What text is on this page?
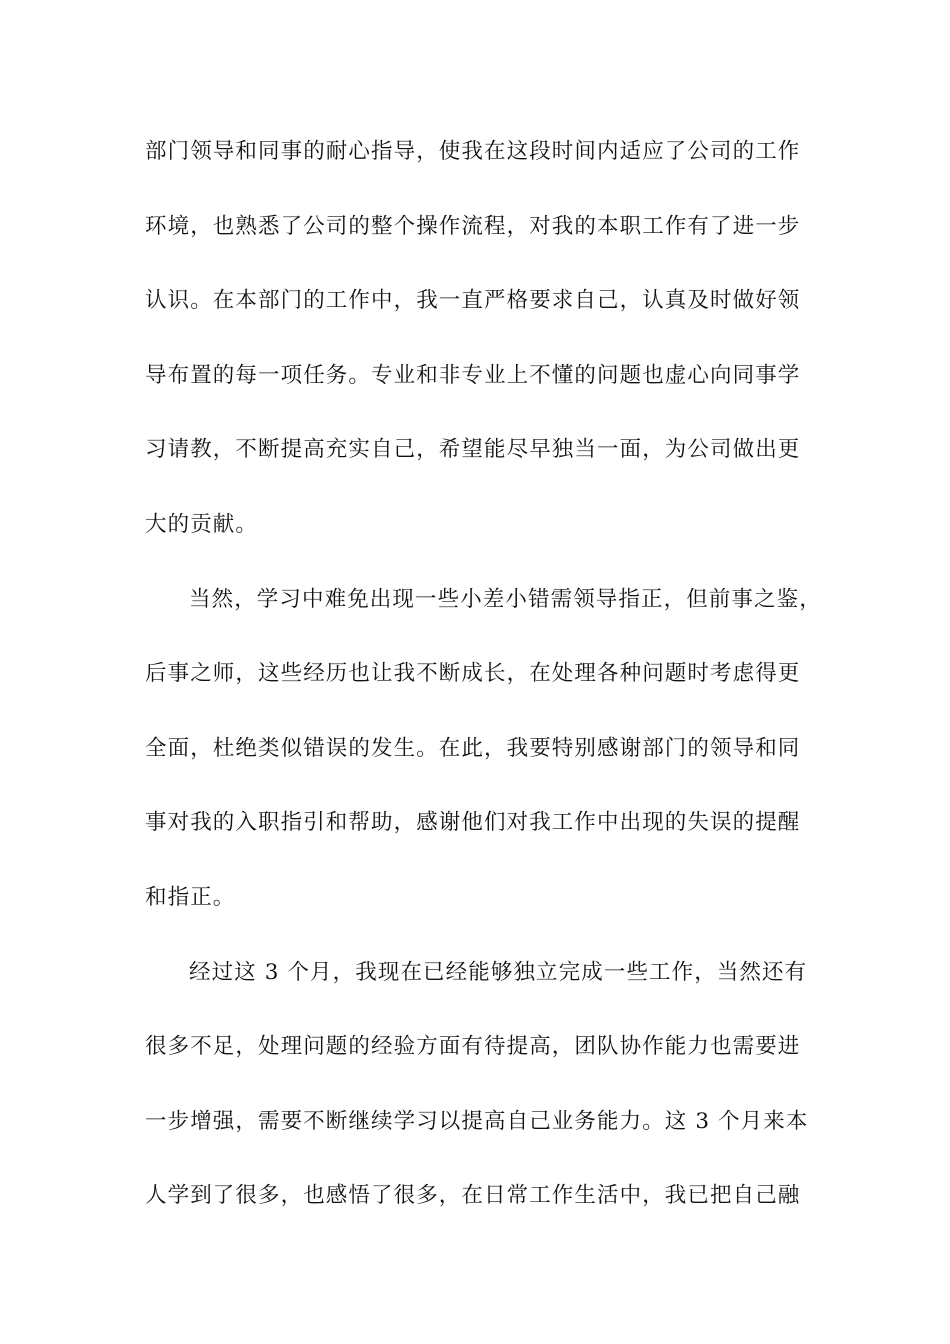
部门领导和同事的耐心指导，使我在这段时间内适应了公司的工作
环境，也熟悉了公司的整个操作流程，对我的本职工作有了进一步
认识。在本部门的工作中，我一直严格要求自己，认真及时做好领
导布置的每一项任务。专业和非专业上不懂的问题也虚心向同事学
习请教，不断提高充实自己，希望能尽早独当一面，为公司做出更
大的贡献。
当然，学习中难免出现一些小差小错需领导指正，但前事之鉴，
后事之师，这些经历也让我不断成长，在处理各种问题时考虑得更
全面，杜绝类似错误的发生。在此，我要特别感谢部门的领导和同
事对我的入职指引和帮助，感谢他们对我工作中出现的失误的提醒
和指正。
经过这 3 个月，我现在已经能够独立完成一些工作，当然还有
很多不足，处理问题的经验方面有待提高，团队协作能力也需要进
一步增强，需要不断继续学习以提高自己业务能力。这 3 个月来本
人学到了很多，也感悟了很多，在日常工作生活中，我已把自己融
